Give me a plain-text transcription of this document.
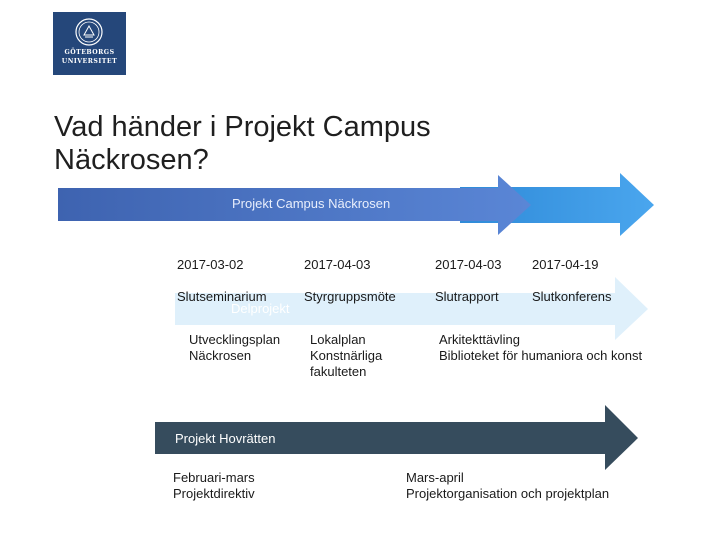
GÖTEBORGS
UNIVERSITET
Vad händer i Projekt Campus
Näckrosen?
Projekt Campus Näckrosen
Delprojekt
Projekt Hovrätten

2017-03-02

Slutseminarium

2017-04-03

Styrgruppsmöte

2017-04-03

Slutrapport

2017-04-19

Slutkonferens

Utvecklingsplan
Näckrosen
Lokalplan
Konstnärliga
fakulteten
Arkitekttävling
Biblioteket för humaniora och konst
Februari-mars
Projektdirektiv
Mars-april
Projektorganisation och projektplan
